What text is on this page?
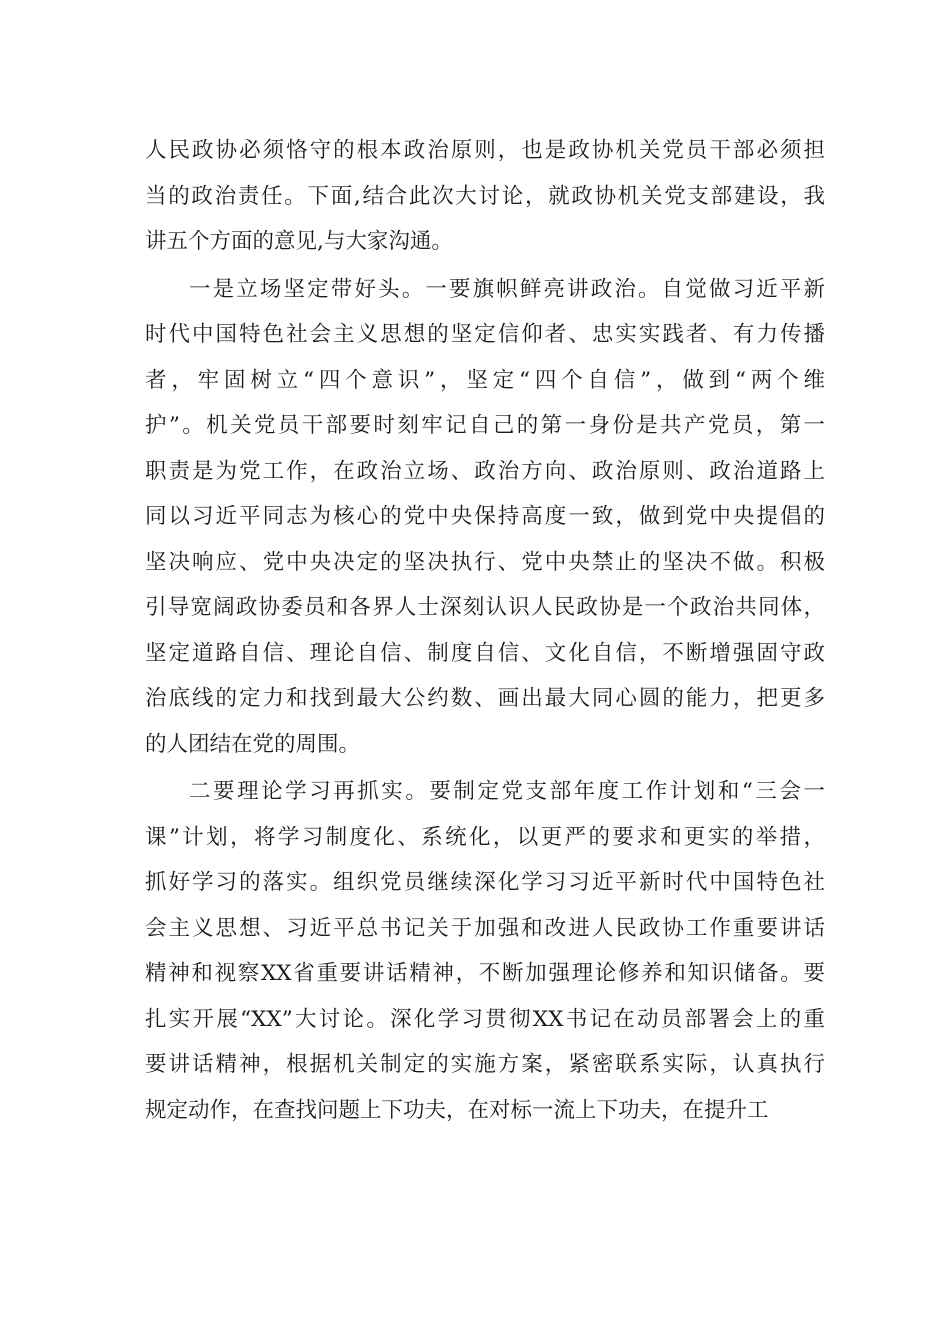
人民政协必须恪守的根本政治原则，也是政协机关党员干部必须担
当的政治责任。下面,结合此次大讨论，就政协机关党支部建设，我
讲五个方面的意见,与大家沟通。
一是立场坚定带好头。一要旗帜鲜亮讲政治。自觉做习近平新
时代中国特色社会主义思想的坚定信仰者、忠实实践者、有力传播
者，牢固树立“四个意识”，坚定“四个自信”，做到“两个维
护”。机关党员干部要时刻牢记自己的第一身份是共产党员，第一
职责是为党工作，在政治立场、政治方向、政治原则、政治道路上
同以习近平同志为核心的党中央保持高度一致，做到党中央提倡的
坚决响应、党中央决定的坚决执行、党中央禁止的坚决不做。积极
引导宽阔政协委员和各界人士深刻认识人民政协是一个政治共同体，
坚定道路自信、理论自信、制度自信、文化自信，不断增强固守政
治底线的定力和找到最大公约数、画出最大同心圆的能力，把更多
的人团结在党的周围。
二要理论学习再抓实。要制定党支部年度工作计划和“三会一
课”计划，将学习制度化、系统化，以更严的要求和更实的举措，
抓好学习的落实。组织党员继续深化学习习近平新时代中国特色社
会主义思想、习近平总书记关于加强和改进人民政协工作重要讲话
精神和视察XX省重要讲话精神，不断加强理论修养和知识储备。要
扎实开展“XX”大讨论。深化学习贯彻XX书记在动员部署会上的重
要讲话精神，根据机关制定的实施方案，紧密联系实际，认真执行
规定动作，在查找问题上下功夫，在对标一流上下功夫，在提升工
